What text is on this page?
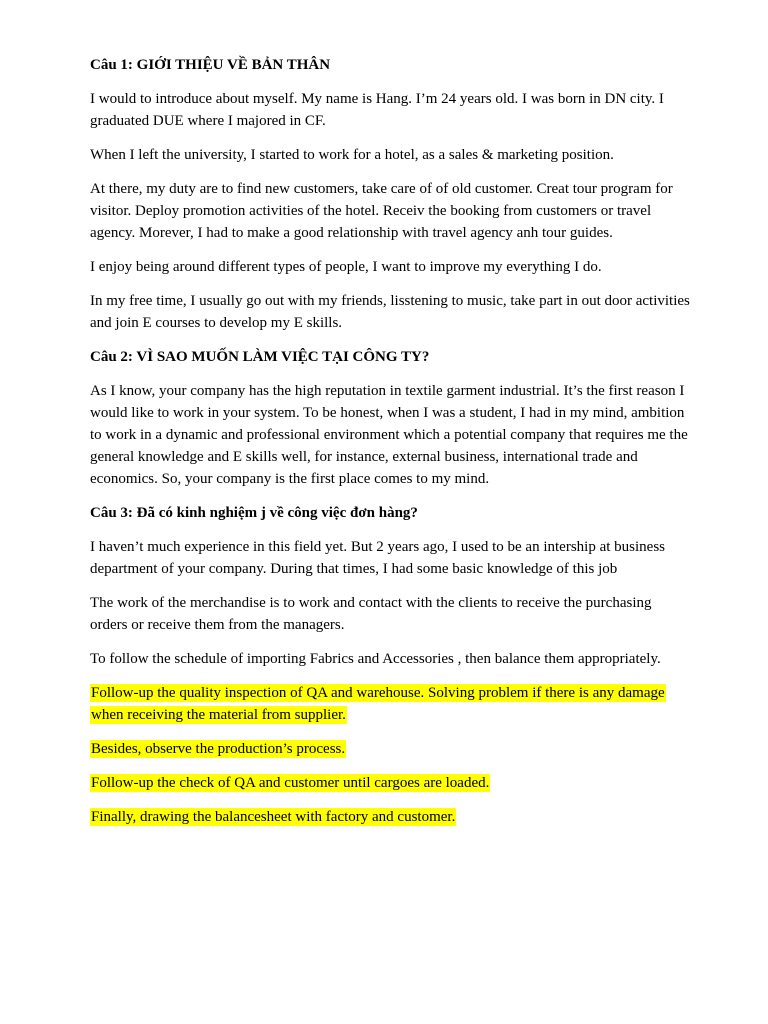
Câu 1: GIỚI THIỆU VỀ BẢN THÂN

I would to introduce about myself. My name is Hang. I’m 24 years old. I was born in DN city. I graduated DUE where I majored in CF.

When I left the university, I started to work for a hotel, as a sales & marketing position.

At there, my duty are to find new customers, take care of of old customer. Creat tour program for visitor. Deploy promotion activities of the hotel. Receiv the booking from customers or travel agency. Morever, I had to make a good relationship with travel agency anh tour guides.

I enjoy being around different types of people, I want to improve my everything I do.

In my free time, I usually go out with my friends, lisstening to music, take part in out door activities and join E courses to develop my E skills.

Câu 2: VÌ SAO MUỐN LÀM VIỆC TẠI CÔNG TY?

As I know, your company has the high reputation in textile garment industrial. It’s the first reason I would like to work in your system. To be honest, when I was a student, I had in my mind, ambition to work in a dynamic and professional environment which a potential company that requires me the general knowledge and E skills well, for instance, external business, international trade and economics. So, your company is the first place comes to my mind.

Câu 3: Đã có kinh nghiệm j về công việc đơn hàng?

I haven’t much experience in this field yet. But 2 years ago, I used to be an intership at business department of your company. During that times, I had some basic knowledge of this job

The work of the merchandise is to work and contact with the clients to receive the purchasing orders or receive them from the managers.

To follow the schedule of importing Fabrics and Accessories , then balance them appropriately.

Follow-up the quality inspection of QA and warehouse. Solving problem if there is any damage when receiving the material from supplier.

Besides, observe the production’s process.

Follow-up the check of QA and customer until cargoes are loaded.

Finally, drawing the balancesheet with factory and customer.
